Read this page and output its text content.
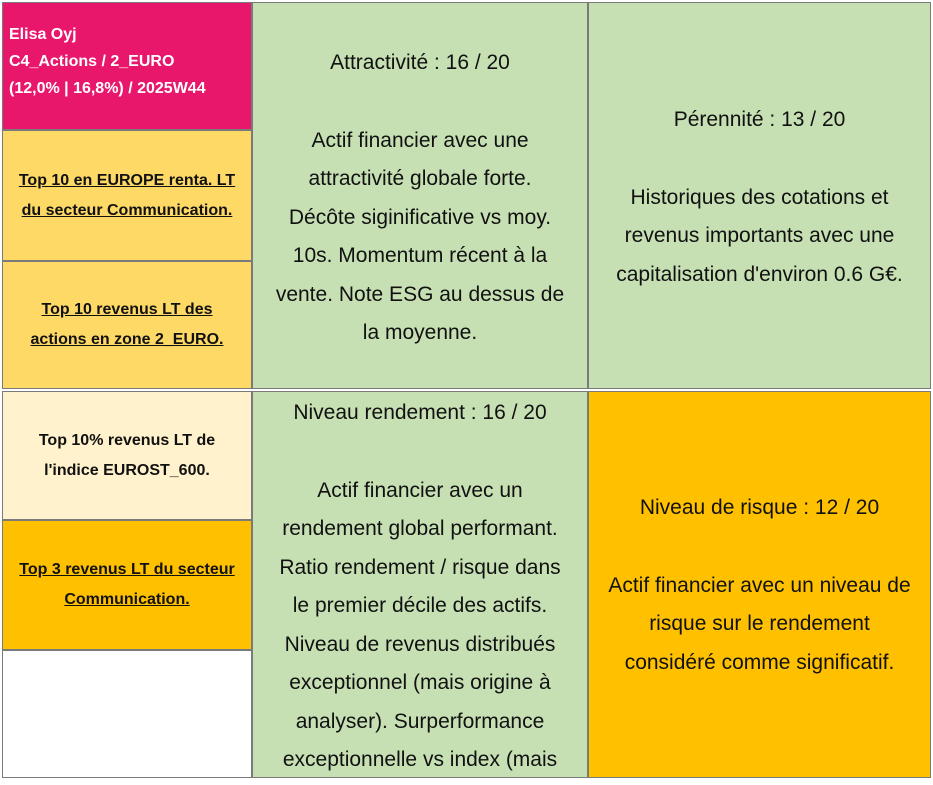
Elisa Oyj
C4_Actions / 2_EURO
(12,0% | 16,8%) / 2025W44
Top 10 en EUROPE renta. LT
du secteur Communication.
Top 10 revenus LT des
actions en zone 2_EURO.
Top 10% revenus LT de
l'indice EUROST_600.
Top 3 revenus LT du secteur
Communication.
Attractivité : 16 / 20
Actif financier avec une
attractivité globale forte.
Décôte siginificative vs moy.
10s. Momentum récent à la
vente. Note ESG au dessus de
la moyenne.
Pérennité : 13 / 20
Historiques des cotations et
revenus importants avec une
capitalisation d'environ 0.6 G€.
Niveau rendement : 16 / 20
Actif financier avec un
rendement global performant.
Ratio rendement / risque dans
le premier décile des actifs.
Niveau de revenus distribués
exceptionnel (mais origine à
analyser). Surperformance
exceptionnelle vs index (mais
Niveau de risque : 12 / 20
Actif financier avec un niveau de
risque sur le rendement
considéré comme significatif.
